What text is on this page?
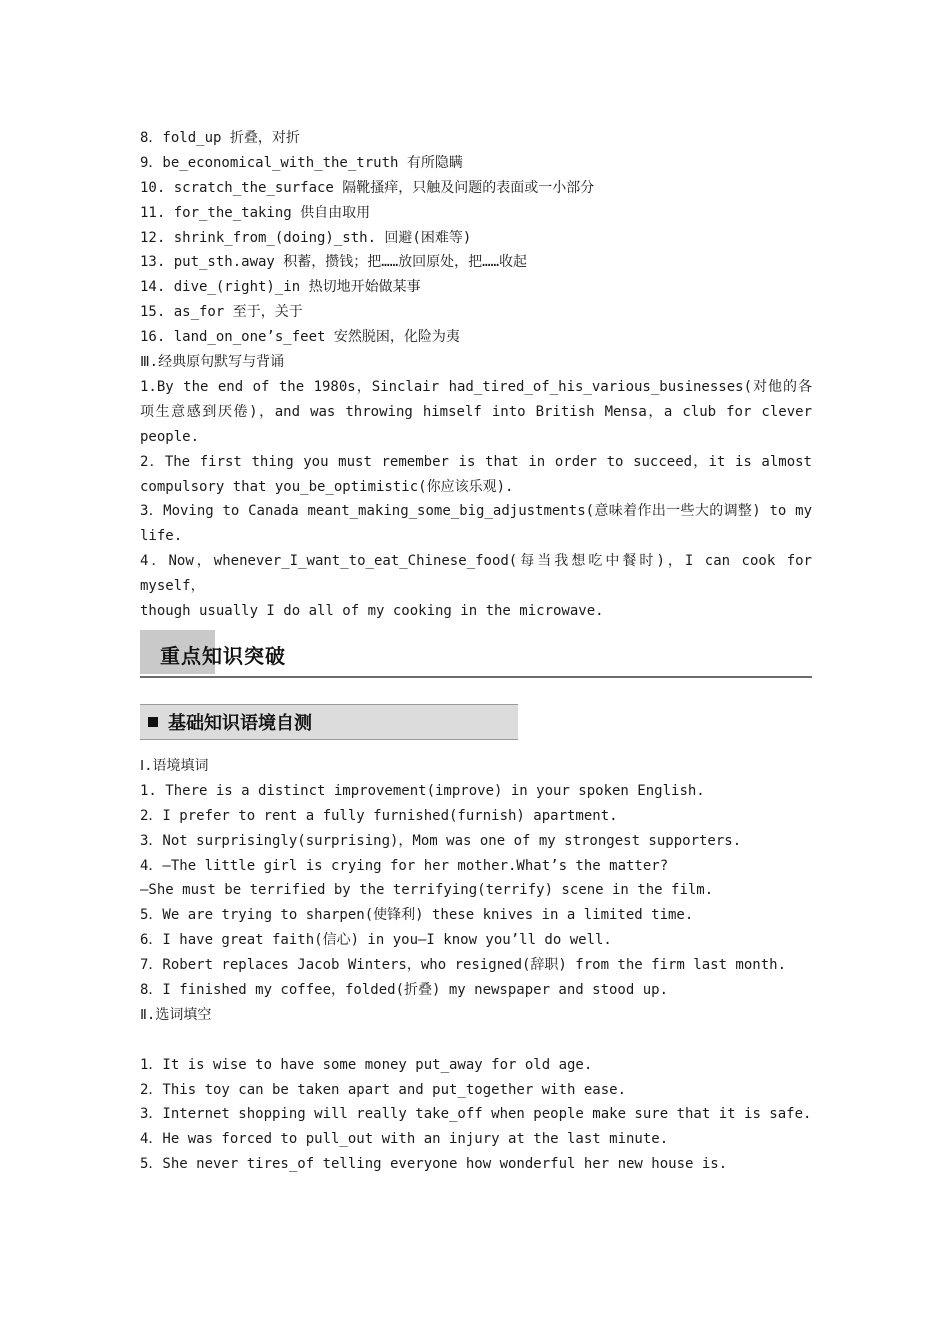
8．fold_up 折叠，对折
9．be_economical_with_the_truth 有所隐瞒
10. scratch_the_surface 隔靴搔痒，只触及问题的表面或一小部分
11. for_the_taking 供自由取用
12. shrink_from_(doing)_sth. 回避(困难等)
13. put_sth.away 积蓄，攒钱；把……放回原处，把……收起
14. dive_(right)_in 热切地开始做某事
15. as_for 至于，关于
16. land_on_one’s_feet 安然脱困，化险为夷
Ⅲ.经典原句默写与背诵
1.By the end of the 1980s，Sinclair had_tired_of_his_various_businesses(对他的各项生意感到厌倦)，and was throwing himself into British Mensa，a club for clever people.
2．The first thing you must remember is that in order to succeed，it is almost compulsory that you_be_optimistic(你应该乐观).
3．Moving to Canada meant_making_some_big_adjustments(意味着作出一些大的调整) to my life.
4．Now，whenever_I_want_to_eat_Chinese_food(每当我想吃中餐时)，I can cook for myself，
though usually I do all of my cooking in the microwave.
重点知识突破
基础知识语境自测
Ⅰ.语境填词
1. There is a distinct improvement(improve) in your spoken English.
2．I prefer to rent a fully furnished(furnish) apartment.
3．Not surprisingly(surprising)，Mom was one of my strongest supporters.
4．—The little girl is crying for her mother.What’s the matter?
—She must be terrified by the terrifying(terrify) scene in the film.
5．We are trying to sharpen(使锋利) these knives in a limited time.
6．I have great faith(信心) in you—I know you’ll do well.
7．Robert replaces Jacob Winters，who resigned(辞职) from the firm last month.
8．I finished my coffee，folded(折叠) my newspaper and stood up.
Ⅱ.选词填空
1．It is wise to have some money put_away for old age.
2．This toy can be taken apart and put_together with ease.
3．Internet shopping will really take_off when people make sure that it is safe.
4．He was forced to pull_out with an injury at the last minute.
5．She never tires_of telling everyone how wonderful her new house is.
